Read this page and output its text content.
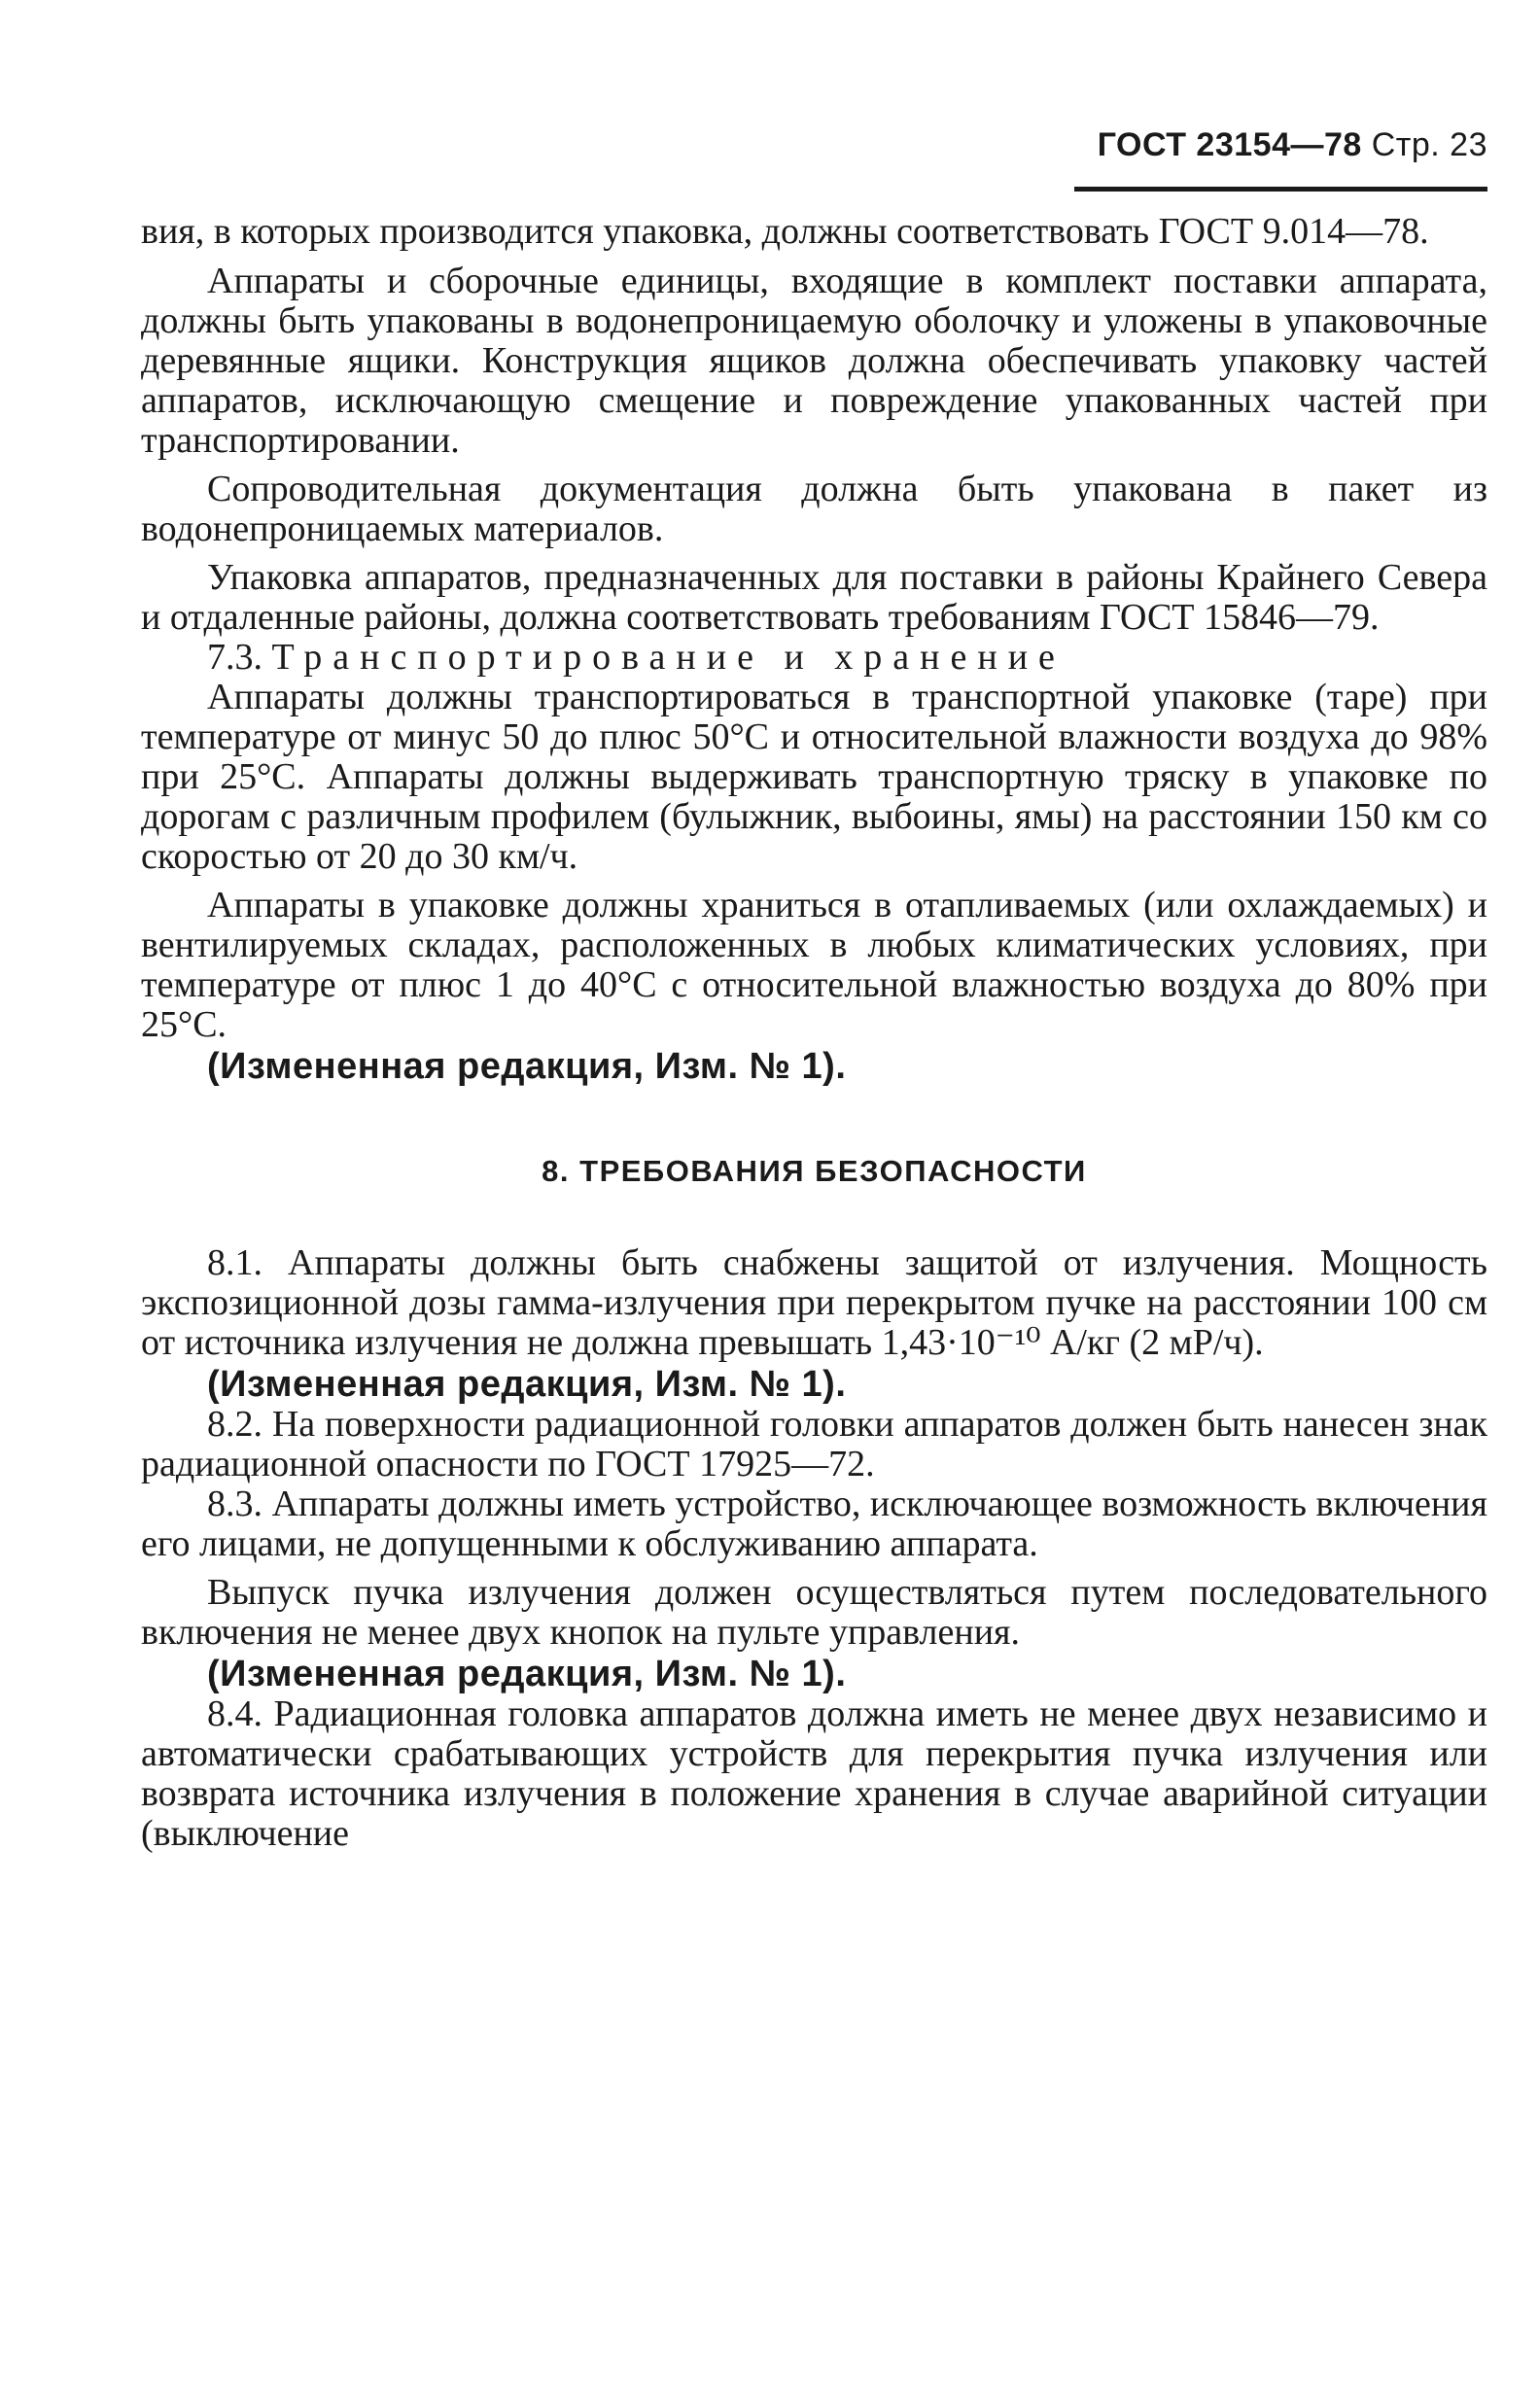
ГОСТ 23154—78 Стр. 23

вия, в которых производится упаковка, должны соответствовать ГОСТ 9.014—78.

Аппараты и сборочные единицы, входящие в комплект поставки аппарата, должны быть упакованы в водонепроницаемую оболочку и уложены в упаковочные деревянные ящики. Конструкция ящиков должна обеспечивать упаковку частей аппаратов, исключающую смещение и повреждение упакованных частей при транспортировании.

Сопроводительная документация должна быть упакована в пакет из водонепроницаемых материалов.

Упаковка аппаратов, предназначенных для поставки в районы Крайнего Севера и отдаленные районы, должна соответствовать требованиям ГОСТ 15846—79.

7.3. Транспортирование и хранение

Аппараты должны транспортироваться в транспортной упаковке (таре) при температуре от минус 50 до плюс 50°С и относительной влажности воздуха до 98% при 25°С. Аппараты должны выдерживать транспортную тряску в упаковке по дорогам с различным профилем (булыжник, выбоины, ямы) на расстоянии 150 км со скоростью от 20 до 30 км/ч.

Аппараты в упаковке должны храниться в отапливаемых (или охлаждаемых) и вентилируемых складах, расположенных в любых климатических условиях, при температуре от плюс 1 до 40°С с относительной влажностью воздуха до 80% при 25°С.

(Измененная редакция, Изм. № 1).

8. ТРЕБОВАНИЯ БЕЗОПАСНОСТИ

8.1. Аппараты должны быть снабжены защитой от излучения. Мощность экспозиционной дозы гамма-излучения при перекрытом пучке на расстоянии 100 см от источника излучения не должна превышать 1,43·10⁻¹⁰ А/кг (2 мР/ч).

(Измененная редакция, Изм. № 1).

8.2. На поверхности радиационной головки аппаратов должен быть нанесен знак радиационной опасности по ГОСТ 17925—72.

8.3. Аппараты должны иметь устройство, исключающее возможность включения его лицами, не допущенными к обслуживанию аппарата.

Выпуск пучка излучения должен осуществляться путем последовательного включения не менее двух кнопок на пульте управления.

(Измененная редакция, Изм. № 1).

8.4. Радиационная головка аппаратов должна иметь не менее двух независимо и автоматически срабатывающих устройств для перекрытия пучка излучения или возврата источника излучения в положение хранения в случае аварийной ситуации (выключение
